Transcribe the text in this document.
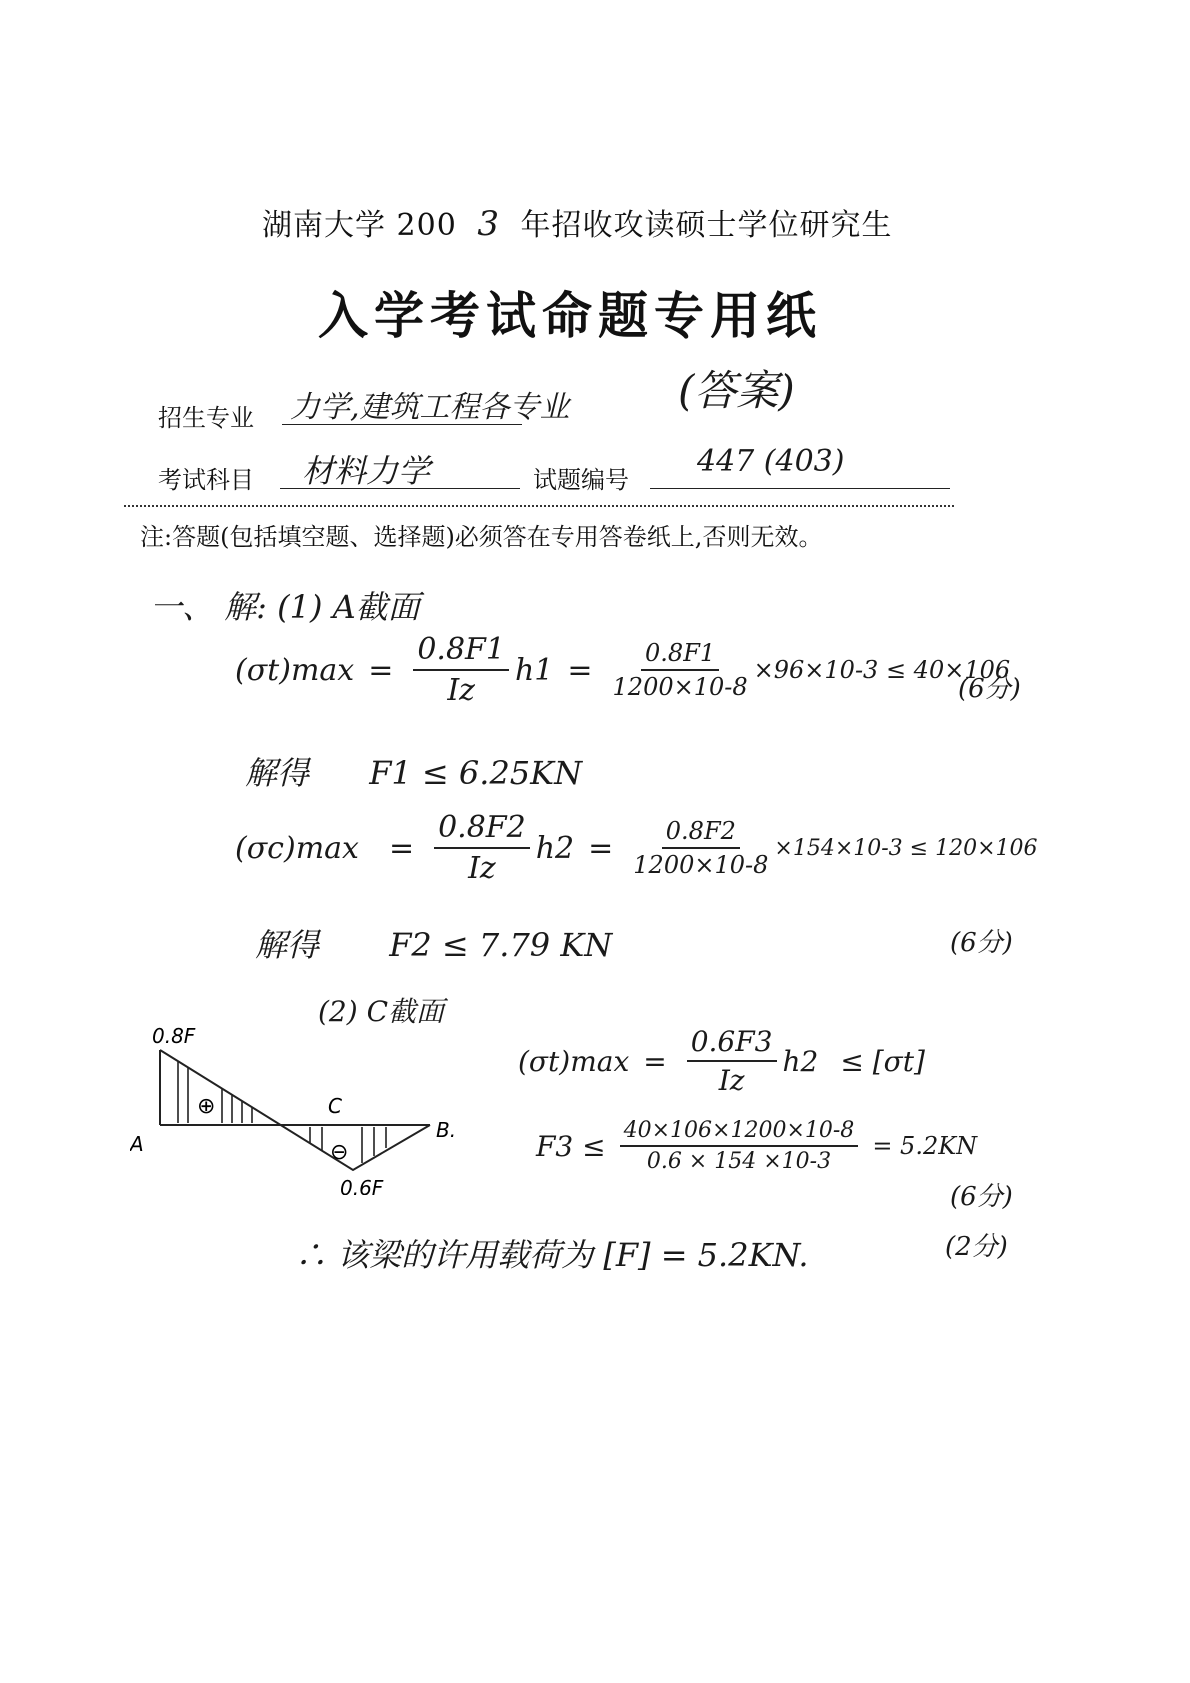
湖南大学 200 3 年招收攻读硕士学位研究生
入学考试命题专用纸
(答案)
招生专业 力学,建筑工程各专业
考试科目 材料力学	试题编号
447 (403)
注:答题(包括填空题、选择题)必须答在专用答卷纸上,否则无效。
一、 解: (1) A截面
$(\sigma t)\max = \frac{0.8F1}{Iz} h1 = \frac{0.8F1}{1200\times 10-8} \times 96\times 10-3 \le 40\times 106$
(6分)
解得 F1 ≤ 6.25KN
$(\sigma c)\max = \frac{0.8F2}{Iz} h2 = \frac{0.8F2}{1200\times 10-8} \times 154\times 10-3 \le 120\times 106$
解得 F2 ≤ 7.79 KN	(6分)
(2) C截面
0.8F
A
B.
C
0.6F
⊕
⊖
$(\sigma t)\max = \frac{0.6F3}{Iz} h2 \le [\sigma t]$
$F3 \le \frac{40\times 106\times 1200\times 10-8}{0.6 \times 154 \times 10-3} = 5.2KN$
(6分)
∴ 该梁的许用载荷为 [F] = 5.2KN.	(2分)
